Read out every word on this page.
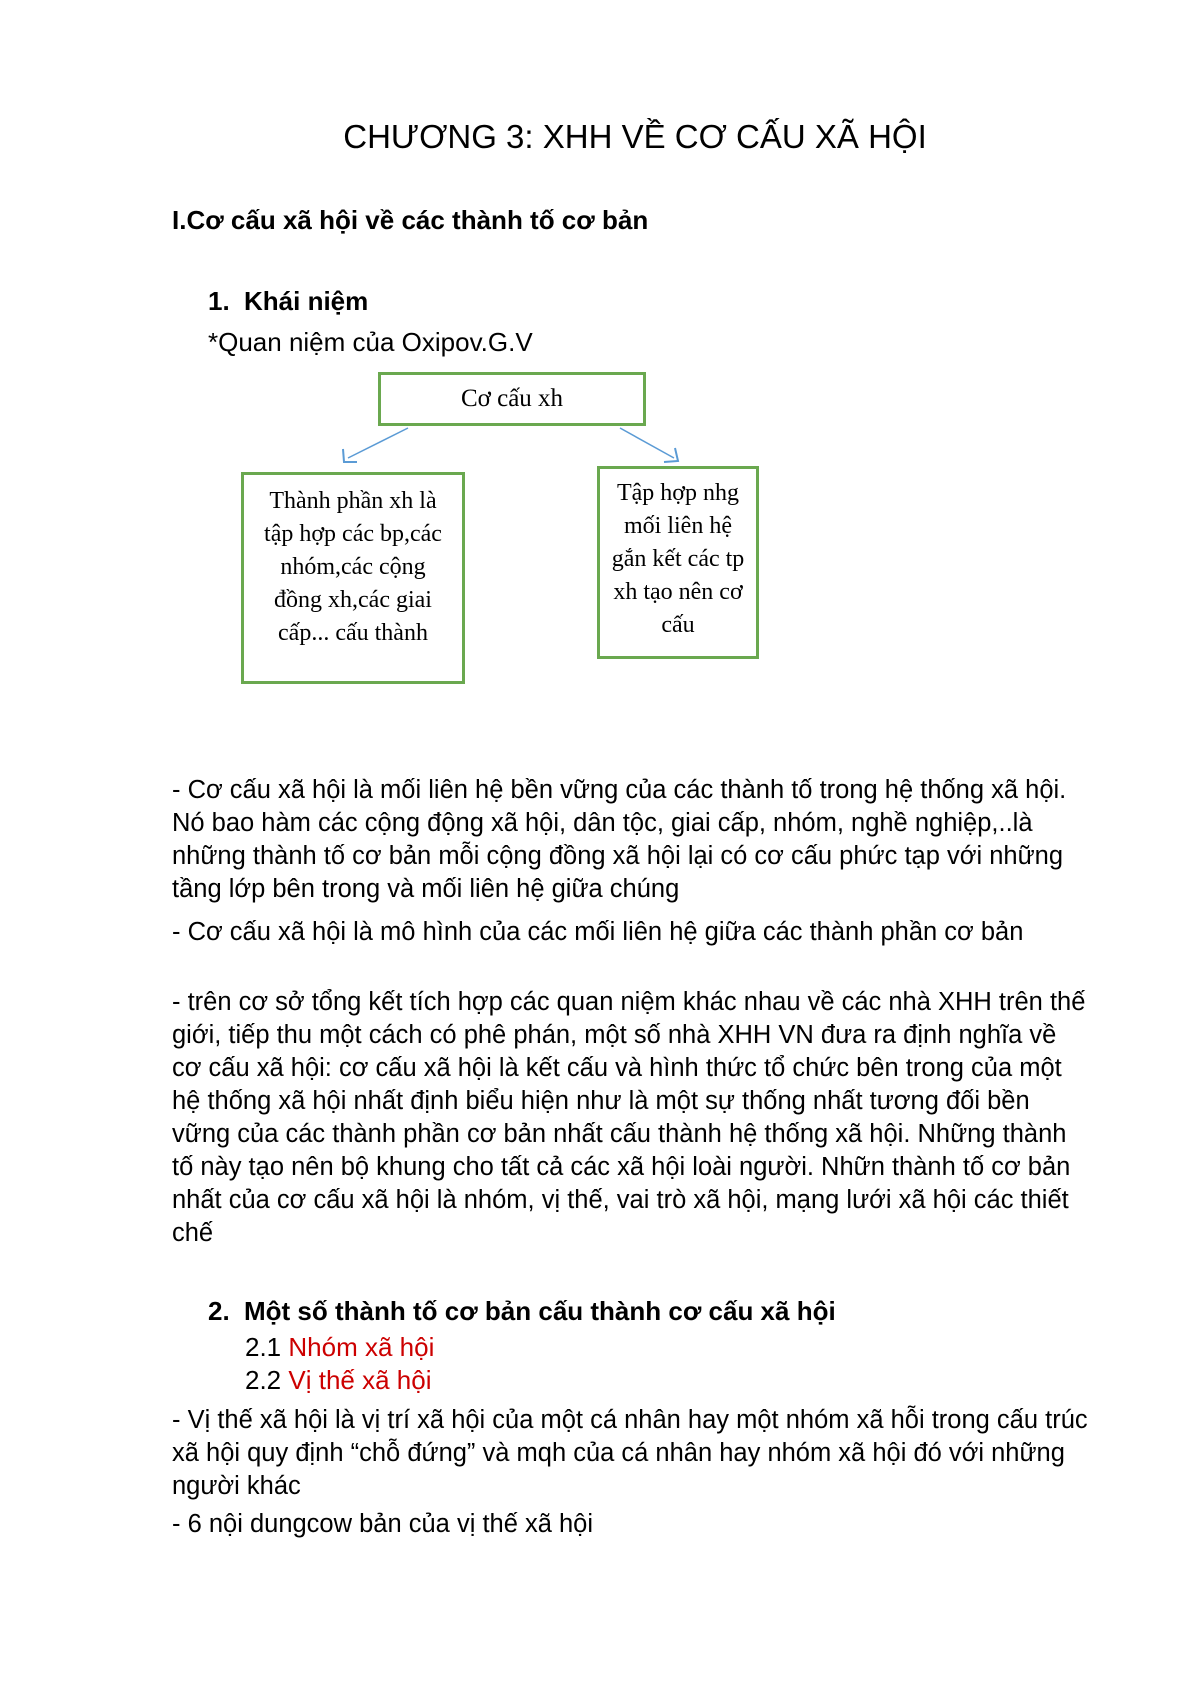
CHƯƠNG 3: XHH VỀ CƠ CẤU XÃ HỘI

I.Cơ cấu xã hội về các thành tố cơ bản

1. Khái niệm

*Quan niệm của Oxipov.G.V

Cơ cấu xh
Thành phần xh là tập hợp các bp,các nhóm,các cộng đồng xh,các giai cấp... cấu thành
Tập hợp nhg mối liên hệ gắn kết các tp xh tạo nên cơ cấu

- Cơ cấu xã hội là mối liên hệ bền vững của các thành tố trong hệ thống xã hội. Nó bao hàm các cộng động xã hội, dân tộc, giai cấp, nhóm, nghề nghiệp,..là những thành tố cơ bản mỗi cộng đồng xã hội lại có cơ cấu phức tạp với những tầng lớp bên trong và mối liên hệ giữa chúng

- Cơ cấu xã hội là mô hình của các mối liên hệ giữa các thành phần cơ bản

- trên cơ sở tổng kết tích hợp các quan niệm khác nhau về các nhà XHH trên thế giới, tiếp thu một cách có phê phán, một số nhà XHH VN đưa ra định nghĩa về cơ cấu xã hội: cơ cấu xã hội là kết cấu và hình thức tổ chức bên trong của một hệ thống xã hội nhất định biểu hiện như là một sự thống nhất tương đối bền vững của các thành phần cơ bản nhất cấu thành hệ thống xã hội. Những thành tố này tạo nên bộ khung cho tất cả các xã hội loài người. Nhữn thành tố cơ bản nhất của cơ cấu xã hội là nhóm, vị thế, vai trò xã hội, mạng lưới xã hội các thiết chế

2. Một số thành tố cơ bản cấu thành cơ cấu xã hội

2.1 Nhóm xã hội

2.2 Vị thế xã hội

- Vị thế xã hội là vị trí xã hội của một cá nhân hay một nhóm xã hỗi trong cấu trúc xã hội quy định “chỗ đứng” và mqh của cá nhân hay nhóm xã hội đó với những người khác

- 6 nội dungcow bản của vị thế xã hội
